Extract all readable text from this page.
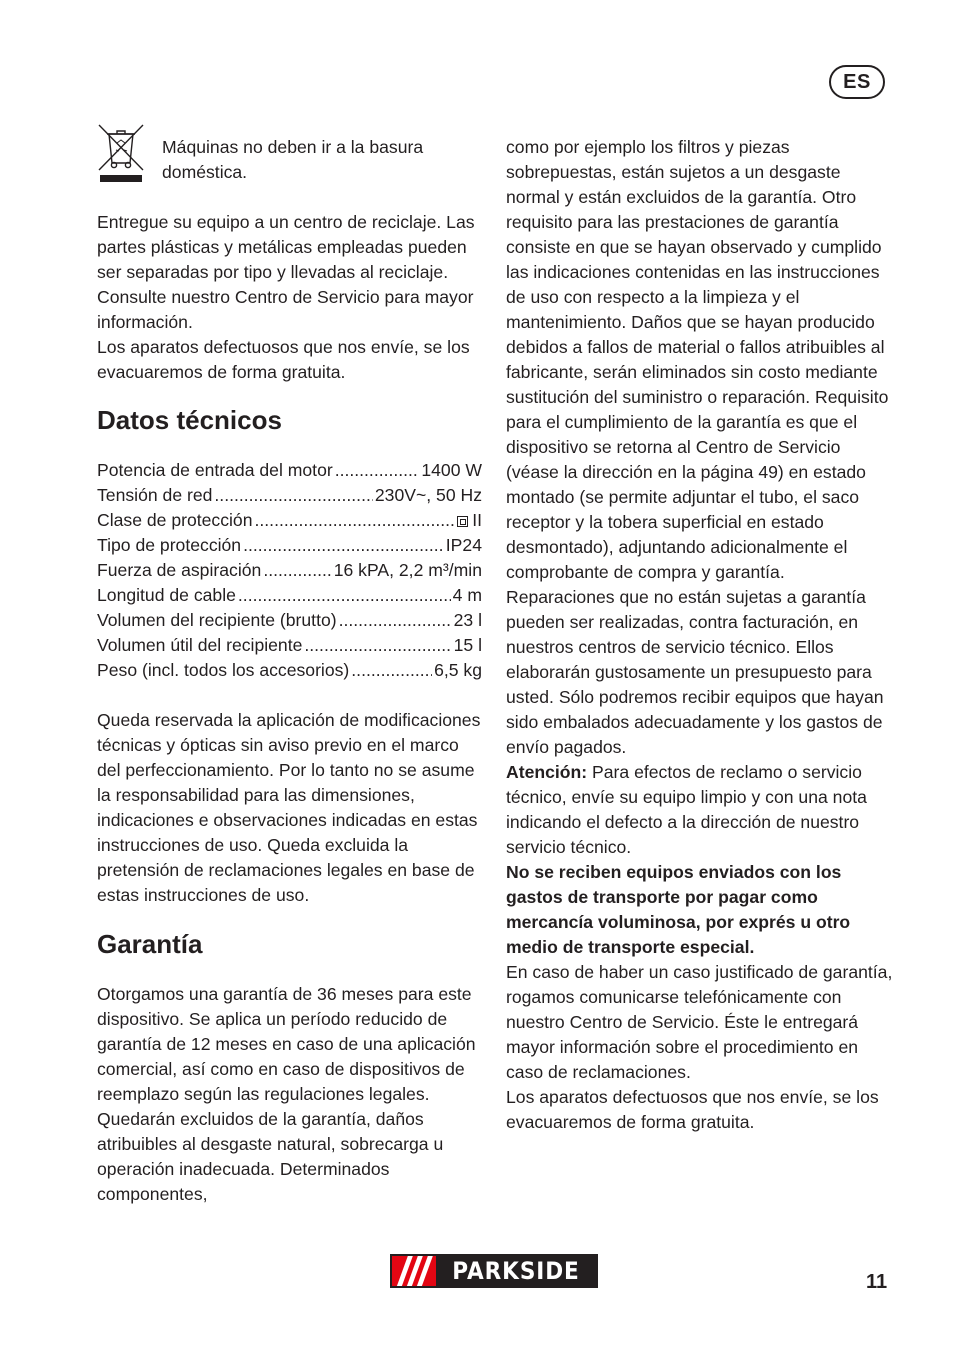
ES

Máquinas no deben ir a la basura doméstica.

Entregue su equipo a un centro de reciclaje. Las partes plásticas y metálicas empleadas pueden ser separadas por tipo y llevadas al reciclaje. Consulte nuestro Centro de Servicio para mayor información.

Los aparatos defectuosos que nos envíe, se los evacuaremos de forma gratuita.

Datos técnicos
Potencia de entrada del motor .....	1400 W
Tensión de red .....	230V~, 50 Hz
Clase de protección .....	II
Tipo de protección .....	IP24
Fuerza de aspiración .....	16 kPA, 2,2 m³/min
Longitud de cable .....	4 m
Volumen del recipiente (brutto) .....	23 l
Volumen útil del recipiente .....	15 l
Peso (incl. todos los accesorios) .....	6,5 kg

Queda reservada la aplicación de modificaciones técnicas y ópticas sin aviso previo en el marco del perfeccionamiento. Por lo tanto no se asume la responsabilidad para las dimensiones, indicaciones e observaciones indicadas en estas instrucciones de uso. Queda excluida la pretensión de reclamaciones legales en base de estas instrucciones de uso.

Garantía

Otorgamos una garantía de 36 meses para este dispositivo. Se aplica un período reducido de garantía de 12 meses en caso de una aplicación comercial, así como en caso de dispositivos de reemplazo según las regulaciones legales. Quedarán excluidos de la garantía, daños atribuibles al desgaste natural, sobrecarga u operación inadecuada. Determinados componentes,

como por ejemplo los filtros y piezas sobrepuestas, están sujetos a un desgaste normal y están excluidos de la garantía. Otro requisito para las prestaciones de garantía consiste en que se hayan observado y cumplido las indicaciones contenidas en las instrucciones de uso con respecto a la limpieza y el mantenimiento. Daños que se hayan producido debidos a fallos de material o fallos atribuibles al fabricante, serán eliminados sin costo mediante sustitución del suministro o reparación. Requisito para el cumplimiento de la garantía es que el dispositivo se retorna al Centro de Servicio (véase la dirección en la página 49) en estado montado (se permite adjuntar el tubo, el saco receptor y la tobera superficial en estado desmontado), adjuntando adicionalmente el comprobante de compra y garantía. Reparaciones que no están sujetas a garantía pueden ser realizadas, contra facturación, en nuestros centros de servicio técnico. Ellos elaborarán gustosamente un presupuesto para usted. Sólo podremos recibir equipos que hayan sido embalados adecuadamente y los gastos de envío pagados.

Atención: Para efectos de reclamo o servicio técnico, envíe su equipo limpio y con una nota indicando el defecto a la dirección de nuestro servicio técnico.

No se reciben equipos enviados con los gastos de transporte por pagar como mercancía voluminosa, por exprés u otro medio de transporte especial.

En caso de haber un caso justificado de garantía, rogamos comunicarse telefónicamente con nuestro Centro de Servicio. Éste le entregará mayor información sobre el procedimiento en caso de reclamaciones.

Los aparatos defectuosos que nos envíe, se los evacuaremos de forma gratuita.

PARKSIDE	11
